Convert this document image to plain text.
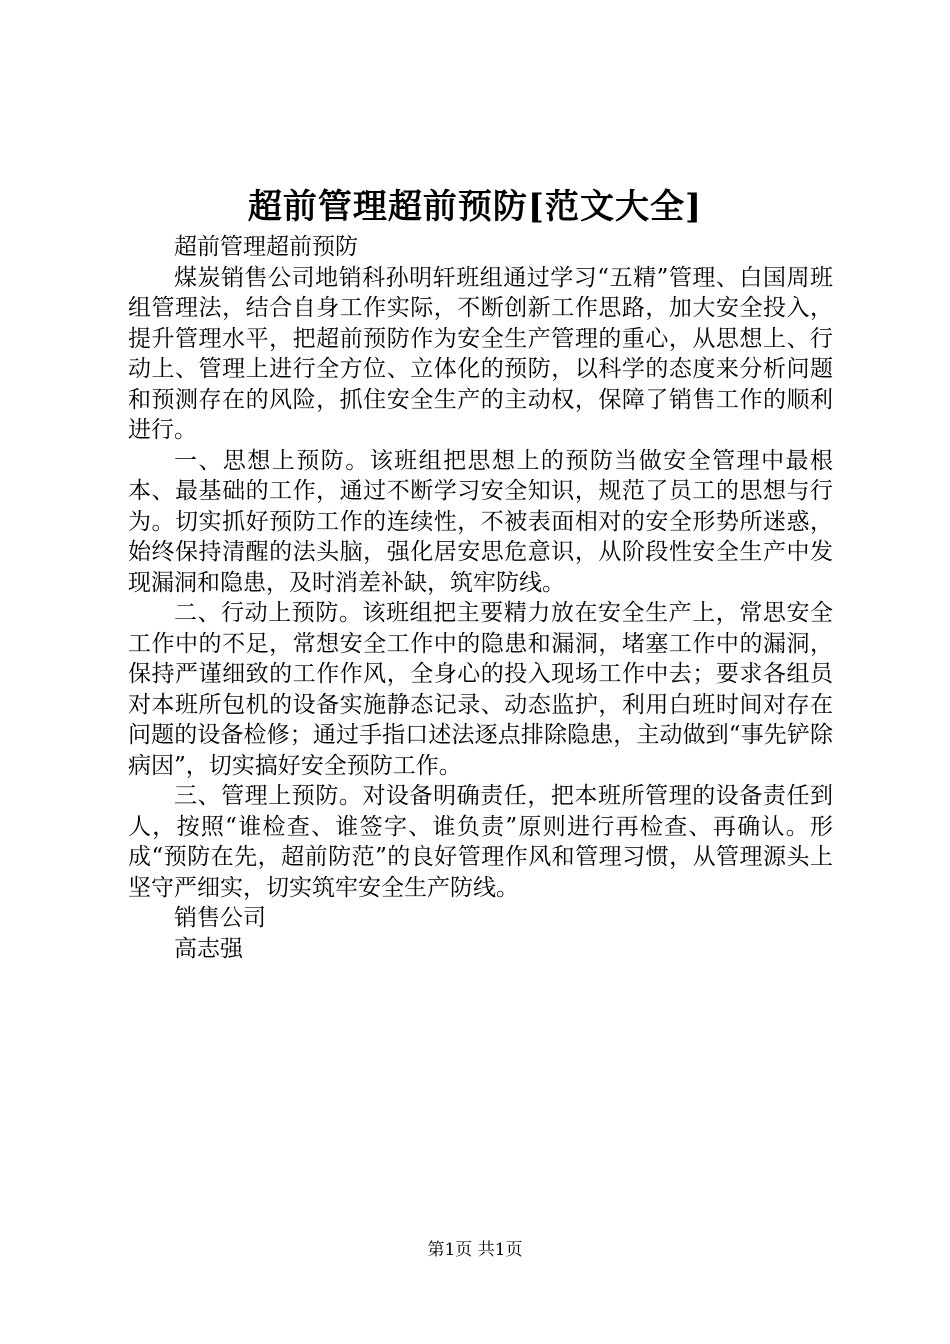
超前管理超前预防[范文大全]

超前管理超前预防

煤炭销售公司地销科孙明轩班组通过学习“五精”管理、白国周班组管理法，结合自身工作实际，不断创新工作思路，加大安全投入，提升管理水平，把超前预防作为安全生产管理的重心，从思想上、行动上、管理上进行全方位、立体化的预防，以科学的态度来分析问题和预测存在的风险，抓住安全生产的主动权，保障了销售工作的顺利进行。

一、思想上预防。该班组把思想上的预防当做安全管理中最根本、最基础的工作，通过不断学习安全知识，规范了员工的思想与行为。切实抓好预防工作的连续性，不被表面相对的安全形势所迷惑，始终保持清醒的法头脑，强化居安思危意识，从阶段性安全生产中发现漏洞和隐患，及时消差补缺，筑牢防线。

二、行动上预防。该班组把主要精力放在安全生产上，常思安全工作中的不足，常想安全工作中的隐患和漏洞，堵塞工作中的漏洞，保持严谨细致的工作作风，全身心的投入现场工作中去；要求各组员对本班所包机的设备实施静态记录、动态监护，利用白班时间对存在问题的设备检修；通过手指口述法逐点排除隐患，主动做到“事先铲除病因”，切实搞好安全预防工作。

三、管理上预防。对设备明确责任，把本班所管理的设备责任到人，按照“谁检查、谁签字、谁负责”原则进行再检查、再确认。形成“预防在先，超前防范”的良好管理作风和管理习惯，从管理源头上坚守严细实，切实筑牢安全生产防线。

销售公司

高志强

第1页 共1页
